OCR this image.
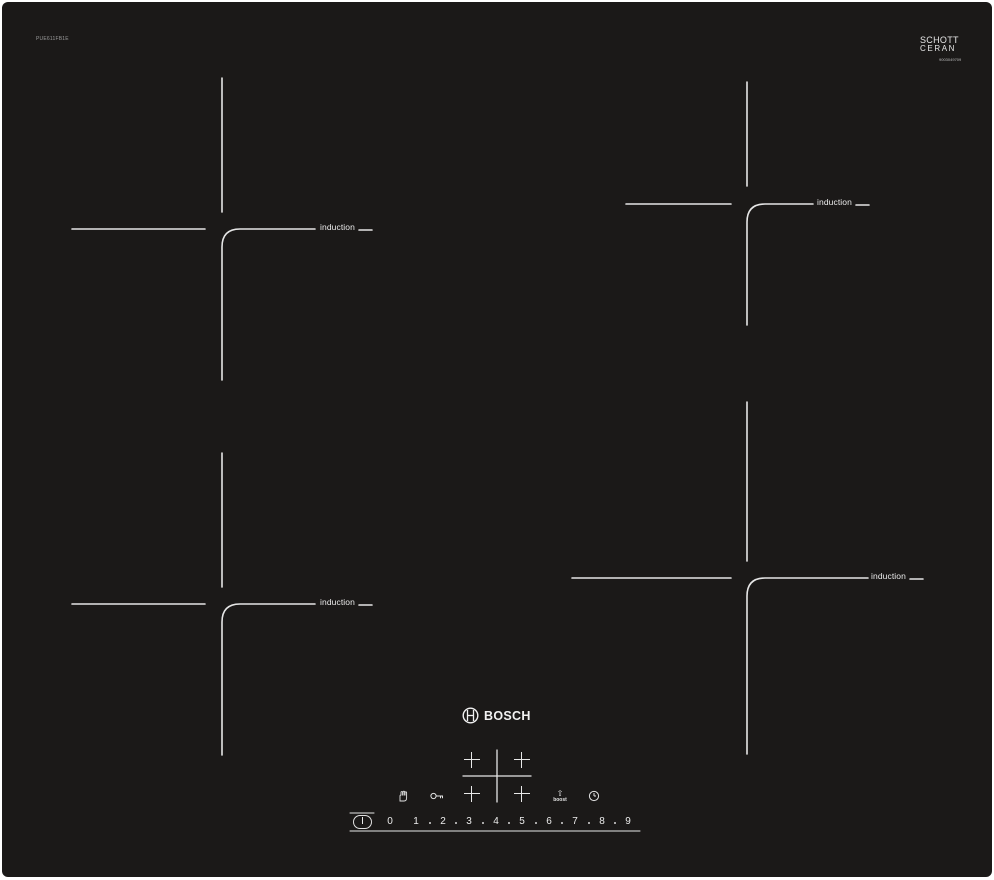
PUE611FB1E	SCHOTT
CERAN
9003049709
induction
induction
induction
induction
BOSCH
⇧
boost
I	0	1	2	3	4	5	6	7	8	9
